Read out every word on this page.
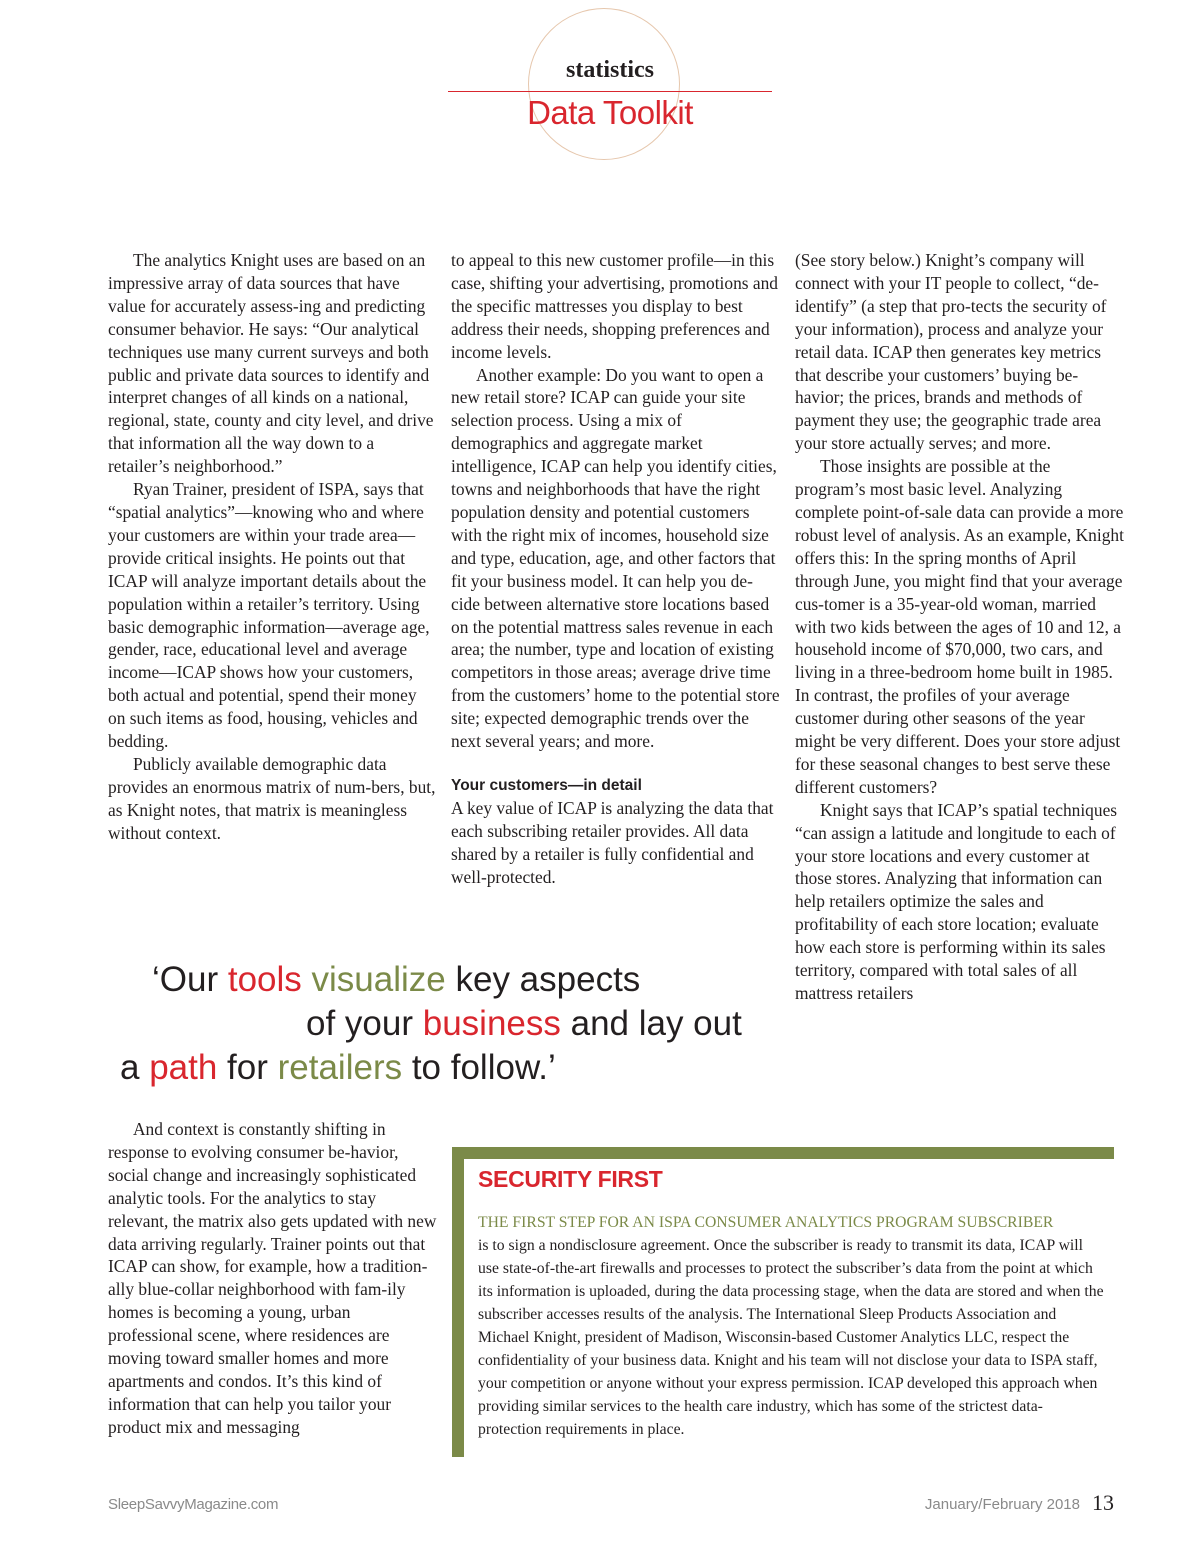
statistics
Data Toolkit

The analytics Knight uses are based on an impressive array of data sources that have value for accurately assess-ing and predicting consumer behavior. He says: “Our analytical techniques use many current surveys and both public and private data sources to identify and interpret changes of all kinds on a national, regional, state, county and city level, and drive that information all the way down to a retailer’s neighborhood.”

Ryan Trainer, president of ISPA, says that “spatial analytics”—knowing who and where your customers are within your trade area—provide critical insights. He points out that ICAP will analyze important details about the population within a retailer’s territory. Using basic demographic information—average age, gender, race, educational level and average income—ICAP shows how your customers, both actual and potential, spend their money on such items as food, housing, vehicles and bedding.

Publicly available demographic data provides an enormous matrix of num-bers, but, as Knight notes, that matrix is meaningless without context.

to appeal to this new customer profile—in this case, shifting your advertising, promotions and the specific mattresses you display to best address their needs, shopping preferences and income levels.

Another example: Do you want to open a new retail store? ICAP can guide your site selection process. Using a mix of demographics and aggregate market intelligence, ICAP can help you identify cities, towns and neighborhoods that have the right population density and potential customers with the right mix of incomes, household size and type, education, age, and other factors that fit your business model. It can help you de-cide between alternative store locations based on the potential mattress sales revenue in each area; the number, type and location of existing competitors in those areas; average drive time from the customers’ home to the potential store site; expected demographic trends over the next several years; and more.

Your customers—in detail

A key value of ICAP is analyzing the data that each subscribing retailer provides. All data shared by a retailer is fully confidential and well-protected.

(See story below.) Knight’s company will connect with your IT people to collect, “de-identify” (a step that pro-tects the security of your information), process and analyze your retail data. ICAP then generates key metrics that describe your customers’ buying be-havior; the prices, brands and methods of payment they use; the geographic trade area your store actually serves; and more.

Those insights are possible at the program’s most basic level. Analyzing complete point-of-sale data can provide a more robust level of analysis. As an example, Knight offers this: In the spring months of April through June, you might find that your average cus-tomer is a 35-year-old woman, married with two kids between the ages of 10 and 12, a household income of $70,000, two cars, and living in a three-bedroom home built in 1985. In contrast, the profiles of your average customer during other seasons of the year might be very different. Does your store adjust for these seasonal changes to best serve these different customers?

Knight says that ICAP’s spatial techniques “can assign a latitude and longitude to each of your store locations and every customer at those stores. Analyzing that information can help retailers optimize the sales and profitability of each store location; evaluate how each store is performing within its sales territory, compared with total sales of all mattress retailers

‘Our tools visualize key aspects
of your business and lay out
a path for retailers to follow.’

And context is constantly shifting in response to evolving consumer be-havior, social change and increasingly sophisticated analytic tools. For the analytics to stay relevant, the matrix also gets updated with new data arriving regularly. Trainer points out that ICAP can show, for example, how a tradition-ally blue-collar neighborhood with fam-ily homes is becoming a young, urban professional scene, where residences are moving toward smaller homes and more apartments and condos. It’s this kind of information that can help you tailor your product mix and messaging

SECURITY FIRST
THE FIRST STEP FOR AN ISPA CONSUMER ANALYTICS PROGRAM SUBSCRIBER
is to sign a nondisclosure agreement. Once the subscriber is ready to transmit its data, ICAP will use state-of-the-art firewalls and processes to protect the subscriber’s data from the point at which its information is uploaded, during the data processing stage, when the data are stored and when the subscriber accesses results of the analysis. The International Sleep Products Association and Michael Knight, president of Madison, Wisconsin-based Customer Analytics LLC, respect the confidentiality of your business data. Knight and his team will not disclose your data to ISPA staff, your competition or anyone without your express permission. ICAP developed this approach when providing similar services to the health care industry, which has some of the strictest data-protection requirements in place.
SleepSavvyMagazine.com	January/February 2018 13
